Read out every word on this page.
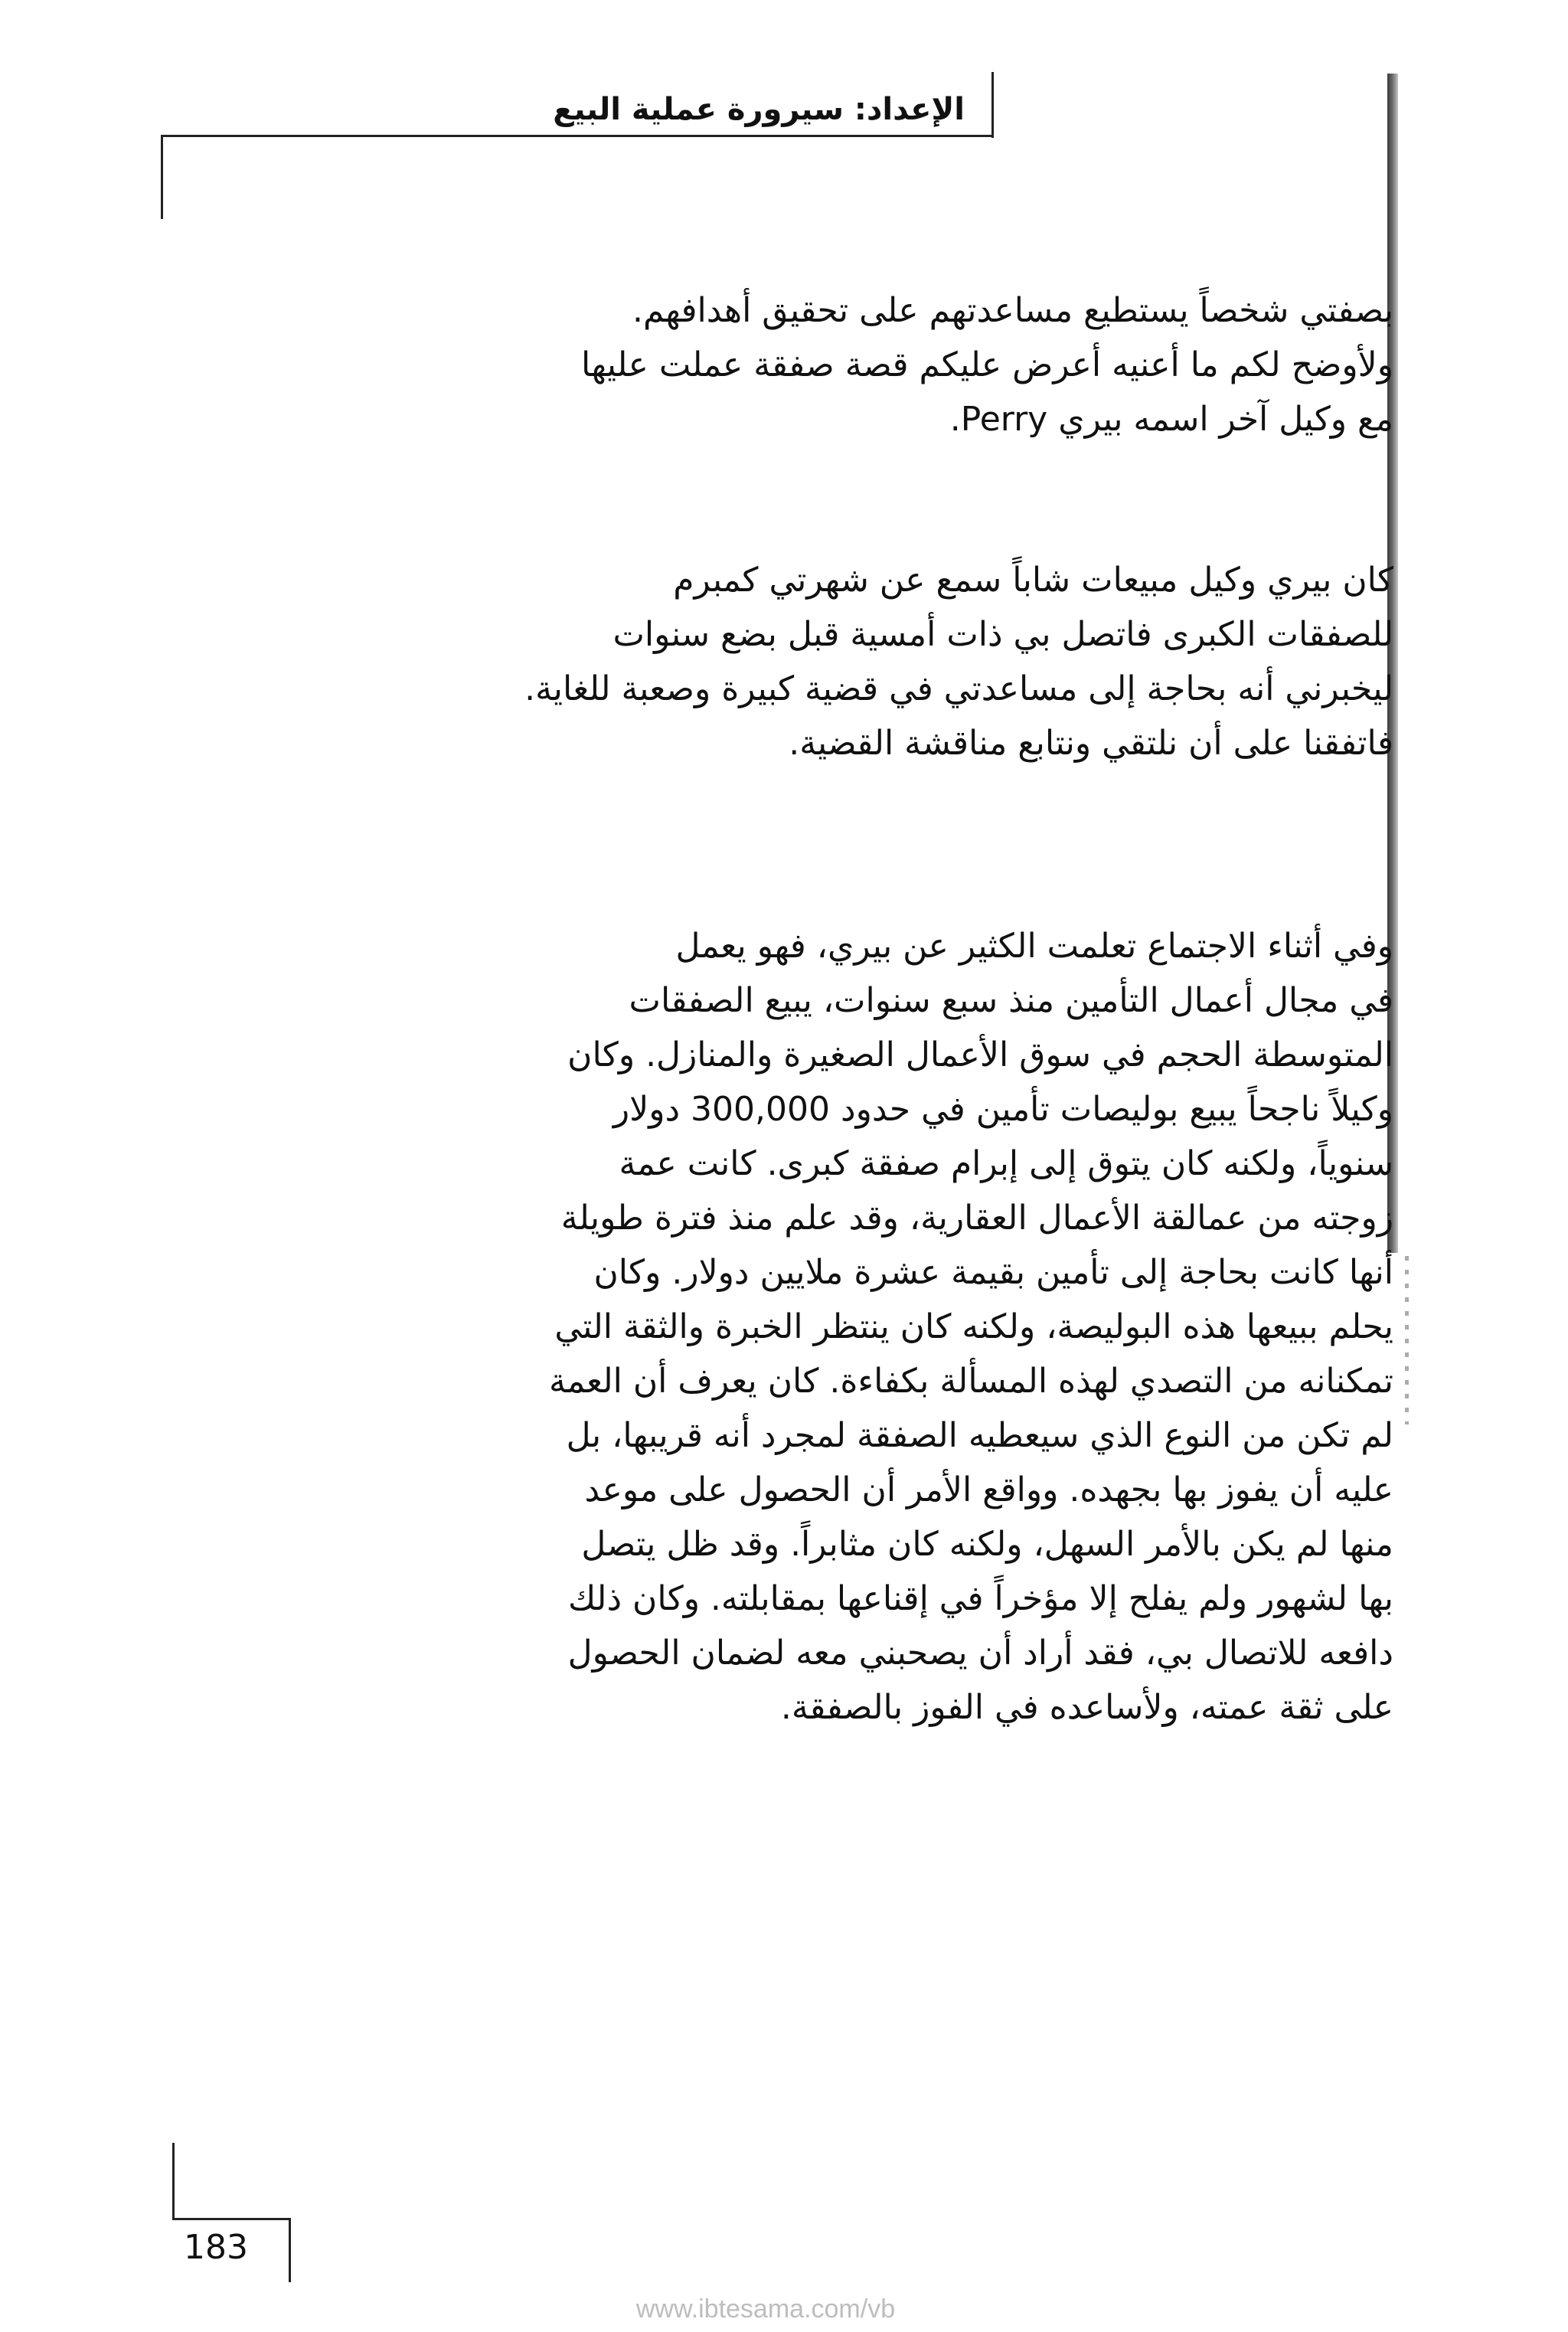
الإعداد: سيرورة عملية البيع
بصفتي شخصاً يستطيع مساعدتهم على تحقيق أهدافهم.
ولأوضح لكم ما أعنيه أعرض عليكم قصة صفقة عملت عليها
مع وكيل آخر اسمه بيري Perry.
كان بيري وكيل مبيعات شاباً سمع عن شهرتي كمبرم
للصفقات الكبرى فاتصل بي ذات أمسية قبل بضع سنوات
ليخبرني أنه بحاجة إلى مساعدتي في قضية كبيرة وصعبة للغاية.
فاتفقنا على أن نلتقي ونتابع مناقشة القضية.
وفي أثناء الاجتماع تعلمت الكثير عن بيري، فهو يعمل
في مجال أعمال التأمين منذ سبع سنوات، يبيع الصفقات
المتوسطة الحجم في سوق الأعمال الصغيرة والمنازل. وكان
وكيلاً ناجحاً يبيع بوليصات تأمين في حدود 300,000 دولار
سنوياً، ولكنه كان يتوق إلى إبرام صفقة كبرى. كانت عمة
زوجته من عمالقة الأعمال العقارية، وقد علم منذ فترة طويلة
أنها كانت بحاجة إلى تأمين بقيمة عشرة ملايين دولار. وكان
يحلم ببيعها هذه البوليصة، ولكنه كان ينتظر الخبرة والثقة التي
تمكنانه من التصدي لهذه المسألة بكفاءة. كان يعرف أن العمة
لم تكن من النوع الذي سيعطيه الصفقة لمجرد أنه قريبها، بل
عليه أن يفوز بها بجهده. وواقع الأمر أن الحصول على موعد
منها لم يكن بالأمر السهل، ولكنه كان مثابراً. وقد ظل يتصل
بها لشهور ولم يفلح إلا مؤخراً في إقناعها بمقابلته. وكان ذلك
دافعه للاتصال بي، فقد أراد أن يصحبني معه لضمان الحصول
على ثقة عمته، ولأساعده في الفوز بالصفقة.
183
www.ibtesama.com/vb
